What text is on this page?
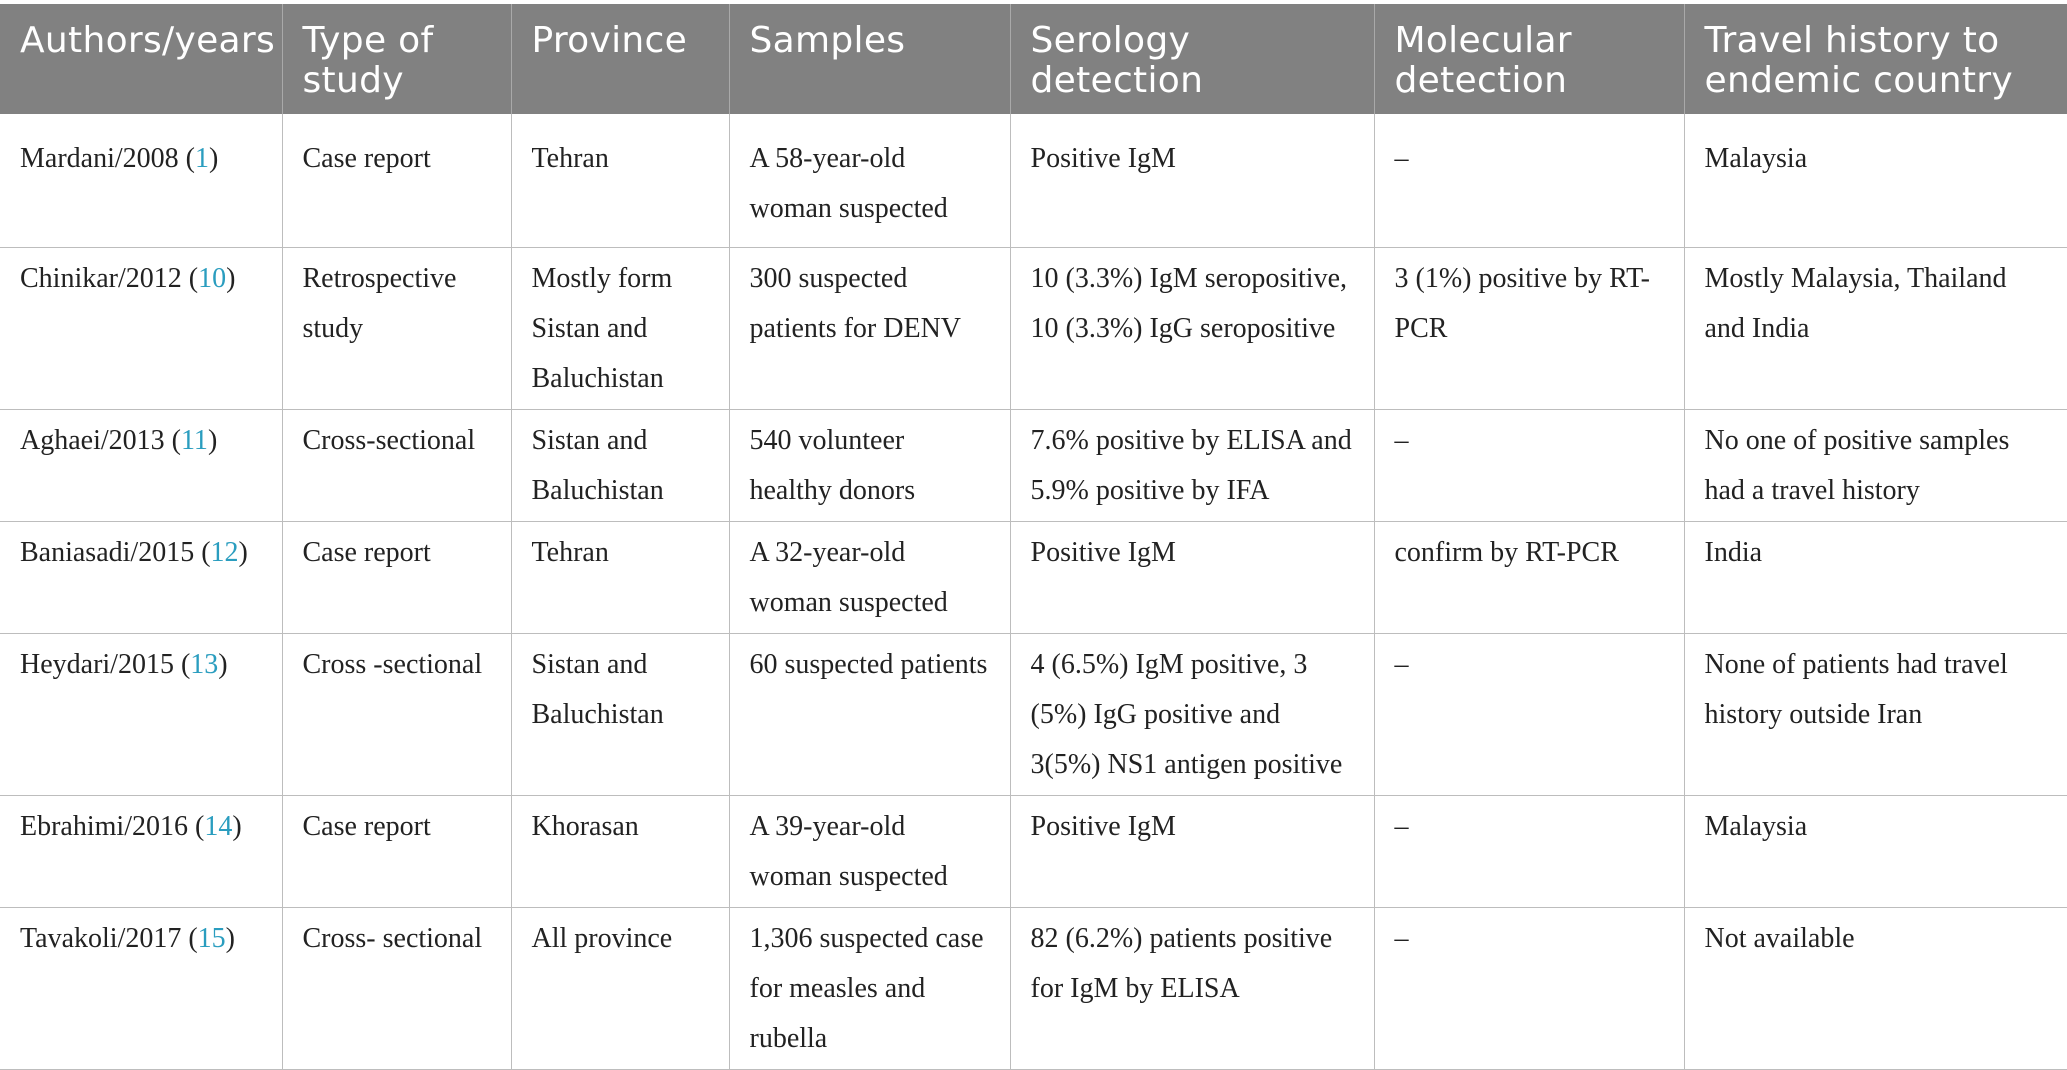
Authors/years	Type of study	Province	Samples	Serology detection	Molecular detection	Travel history to endemic country
Mardani/2008 (1)	Case report	Tehran	A 58-year-old woman suspected	Positive IgM	–	Malaysia
Chinikar/2012 (10)	Retrospective study	Mostly form Sistan and Baluchistan	300 suspected patients for DENV	10 (3.3%) IgM seropositive, 10 (3.3%) IgG seropositive	3 (1%) positive by RT-PCR	Mostly Malaysia, Thailand and India
Aghaei/2013 (11)	Cross-sectional	Sistan and Baluchistan	540 volunteer healthy donors	7.6% positive by ELISA and 5.9% positive by IFA	–	No one of positive samples had a travel history
Baniasadi/2015 (12)	Case report	Tehran	A 32-year-old woman suspected	Positive IgM	confirm by RT-PCR	India
Heydari/2015 (13)	Cross -sectional	Sistan and Baluchistan	60 suspected patients	4 (6.5%) IgM positive, 3 (5%) IgG positive and 3(5%) NS1 antigen positive	–	None of patients had travel history outside Iran
Ebrahimi/2016 (14)	Case report	Khorasan	A 39-year-old woman suspected	Positive IgM	–	Malaysia
Tavakoli/2017 (15)	Cross- sectional	All province	1,306 suspected case for measles and rubella	82 (6.2%) patients positive for IgM by ELISA	–	Not available
